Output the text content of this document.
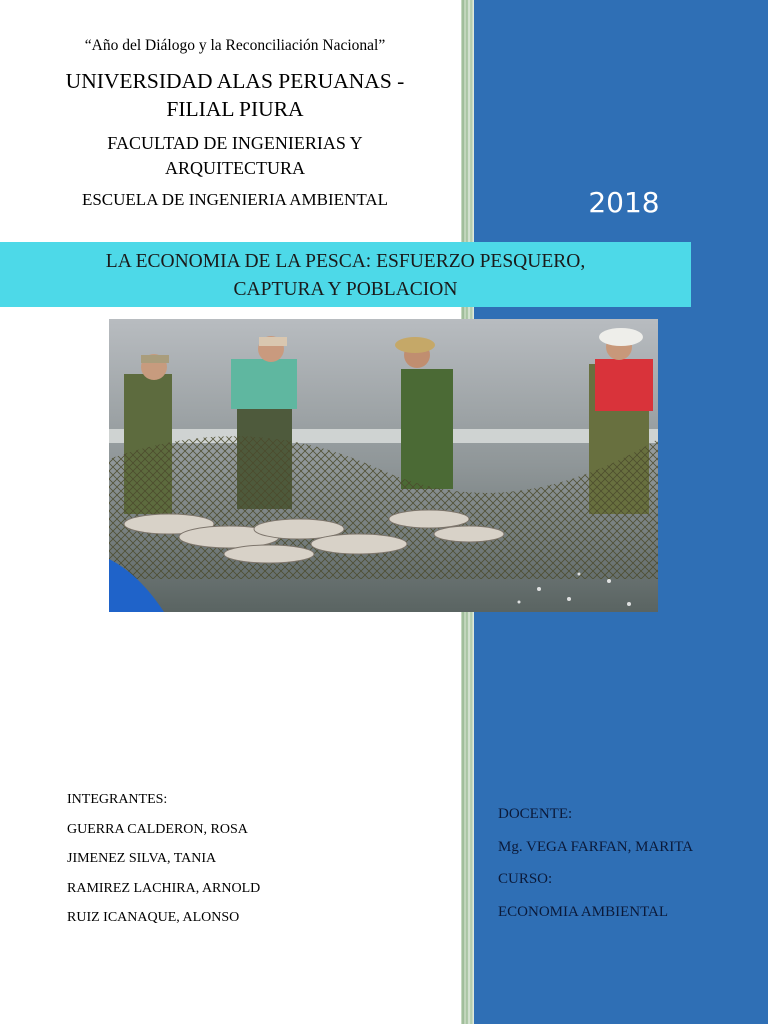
“Año del Diálogo y la Reconciliación Nacional”
UNIVERSIDAD ALAS PERUANAS -
FILIAL PIURA
FACULTAD DE INGENIERIAS Y
ARQUITECTURA
ESCUELA DE INGENIERIA AMBIENTAL	2018
LA ECONOMIA DE LA PESCA: ESFUERZO PESQUERO,
CAPTURA Y POBLACION
INTEGRANTES:
GUERRA CALDERON, ROSA
JIMENEZ SILVA, TANIA
RAMIREZ LACHIRA, ARNOLD
RUIZ ICANAQUE, ALONSO
DOCENTE:
Mg. VEGA FARFAN, MARITA
CURSO:
ECONOMIA AMBIENTAL
